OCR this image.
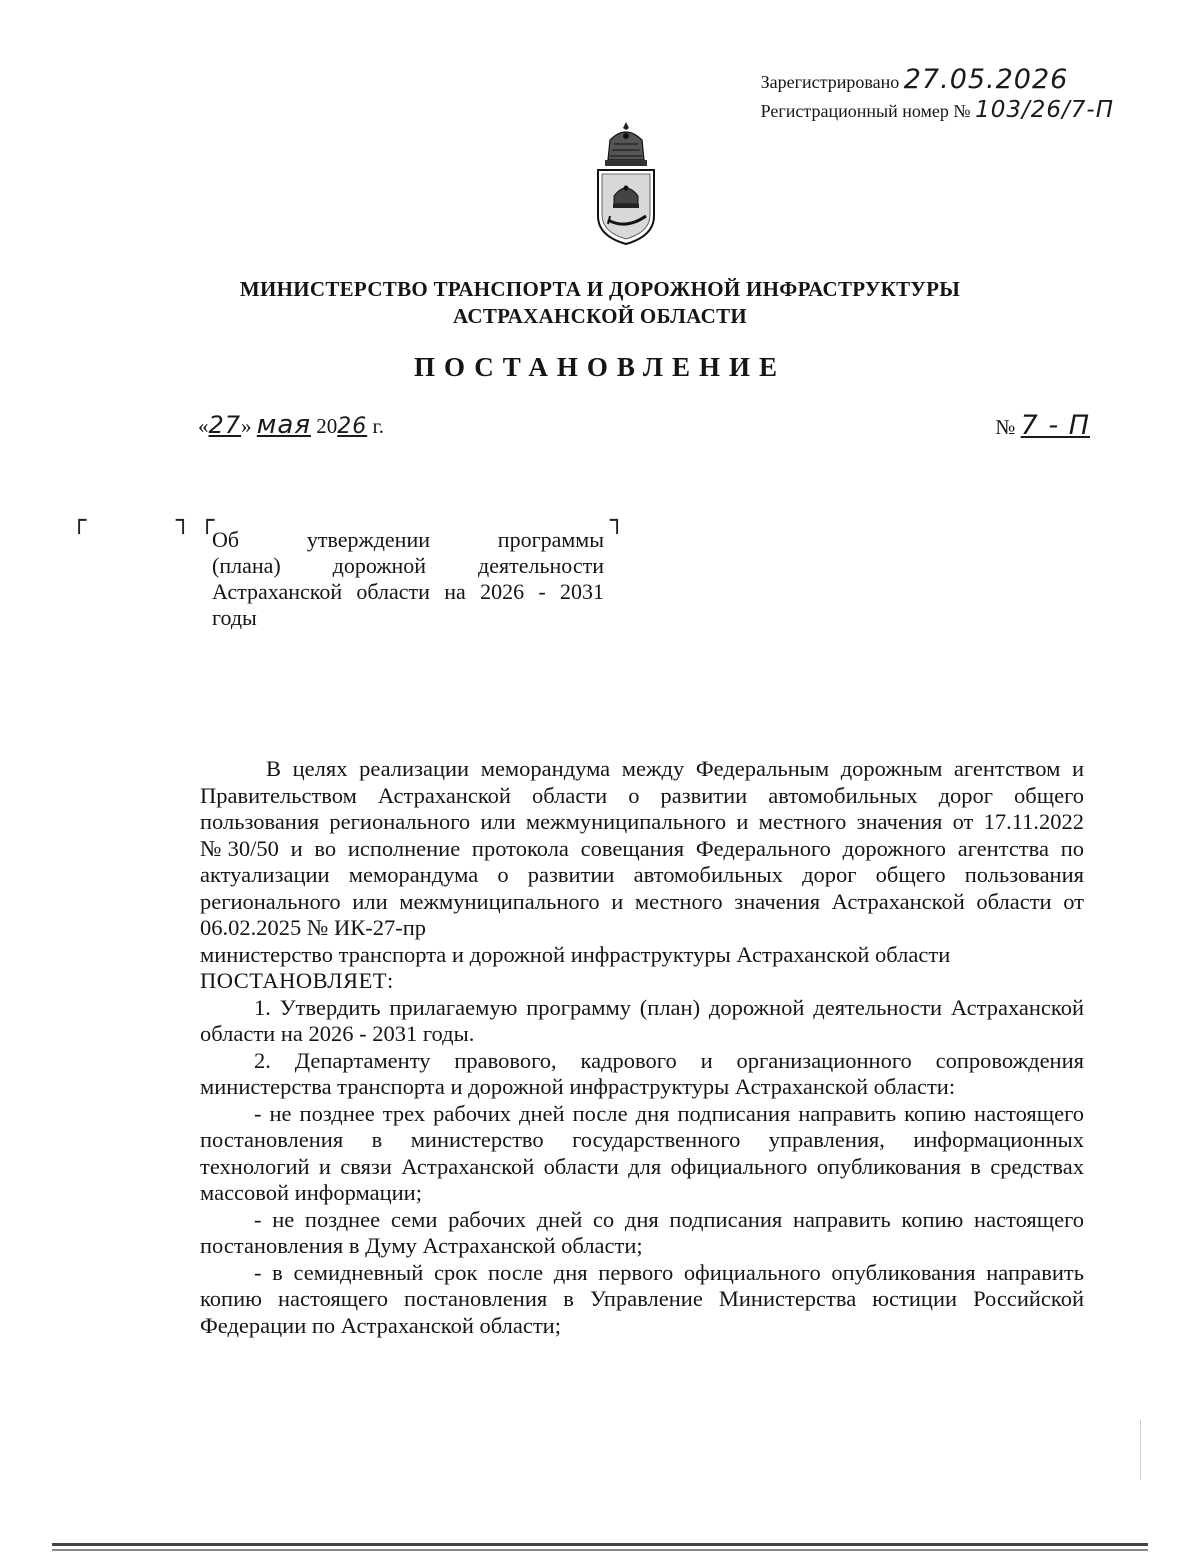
Зарегистрировано 27.05.2026
Регистрационный номер № 103/26/7-П
МИНИСТЕРСТВО ТРАНСПОРТА И ДОРОЖНОЙ ИНФРАСТРУКТУРЫ
АСТРАХАНСКОЙ ОБЛАСТИ
ПОСТАНОВЛЕНИЕ
«27» мая 2026 г.	№ 7 - П
┌	┐ ┌	┐
Об утверждении программы
(плана) дорожной деятельности
Астраханской области на 2026 - 2031
годы

В целях реализации меморандума между Федеральным дорожным агентством и Правительством Астраханской области о развитии автомобильных дорог общего пользования регионального или межмуниципального и местного значения от 17.11.2022 №30/50 и во исполнение протокола совещания Федерального дорожного агентства по актуализации меморандума о развитии автомобильных дорог общего пользования регионального или межмуниципального и местного значения Астраханской области от 06.02.2025 № ИК-27-пр

министерство транспорта и дорожной инфраструктуры Астраханской области

ПОСТАНОВЛЯЕТ:

1. Утвердить прилагаемую программу (план) дорожной деятельности Астраханской области на 2026 - 2031 годы.

2. Департаменту правового, кадрового и организационного сопровождения министерства транспорта и дорожной инфраструктуры Астраханской области:

- не позднее трех рабочих дней после дня подписания направить копию настоящего постановления в министерство государственного управления, информационных технологий и связи Астраханской области для официального опубликования в средствах массовой информации;

- не позднее семи рабочих дней со дня подписания направить копию настоящего постановления в Думу Астраханской области;

- в семидневный срок после дня первого официального опубликования направить копию настоящего постановления в Управление Министерства юстиции Российской Федерации по Астраханской области;
